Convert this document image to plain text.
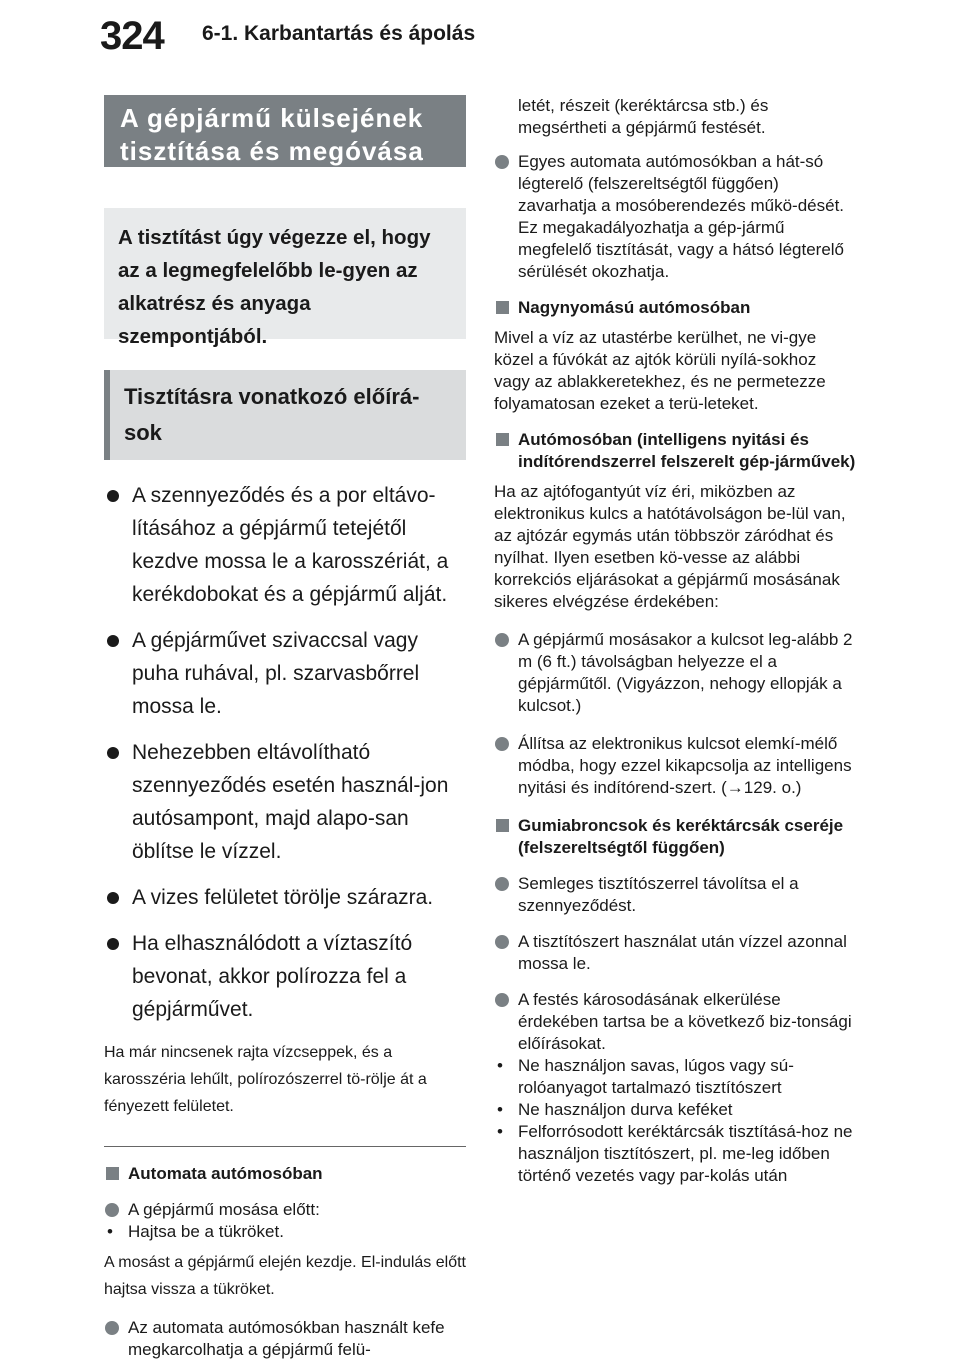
324 6-1. Karbantartás és ápolás
A gépjármű külsejének tisztítása és megóvása
A tisztítást úgy végezze el, hogy az a legmegfelelőbb le-gyen az alkatrész és anyaga szempontjából.
Tisztításra vonatkozó előírá-sok
A szennyeződés és a por eltávo-lításához a gépjármű tetejétől kezdve mossa le a karosszériát, a kerékdobokat és a gépjármű alját.
A gépjárművet szivaccsal vagy puha ruhával, pl. szarvasbőrrel mossa le.
Nehezebben eltávolítható szennyeződés esetén használ-jon autósampont, majd alapo-san öblítse le vízzel.
A vizes felületet törölje szárazra.
Ha elhasználódott a víztaszító bevonat, akkor polírozza fel a gépjárművet.
Ha már nincsenek rajta vízcseppek, és a karosszéria lehűlt, polírozószerrel tö-rölje át a fényezett felületet.
Automata autómosóban
A gépjármű mosása előtt:
• Hajtsa be a tükröket.
A mosást a gépjármű elején kezdje. El-indulás előtt hajtsa vissza a tükröket.
Az automata autómosókban használt kefe megkarcolhatja a gépjármű felü-
letét, részeit (keréktárcsa stb.) és megsértheti a gépjármű festését.
Egyes automata autómosókban a hát-só légterelő (felszereltségtől függően) zavarhatja a mosóberendezés műkö-dését. Ez megakadályozhatja a gép-jármű megfelelő tisztítását, vagy a hátsó légterelő sérülését okozhatja.
Nagynyomású autómosóban
Mivel a víz az utastérbe kerülhet, ne vi-gye közel a fúvókát az ajtók körüli nyílá-sokhoz vagy az ablakkeretekhez, és ne permetezze folyamatosan ezeket a terü-leteket.
Autómosóban (intelligens nyitási és indítórendszerrel felszerelt gép-járművek)
Ha az ajtófogantyút víz éri, miközben az elektronikus kulcs a hatótávolságon be-lül van, az ajtózár egymás után többször záródhat és nyílhat. Ilyen esetben kö-vesse az alábbi korrekciós eljárásokat a gépjármű mosásának sikeres elvégzése érdekében:
A gépjármű mosásakor a kulcsot leg-alább 2 m (6 ft.) távolságban helyezze el a gépjárműtől. (Vigyázzon, nehogy ellopják a kulcsot.)
Állítsa az elektronikus kulcsot elemkí-mélő módba, hogy ezzel kikapcsolja az intelligens nyitási és indítórend-szert. (→129. o.)
Gumiabroncsok és keréktárcsák cseréje (felszereltségtől függően)
Semleges tisztítószerrel távolítsa el a szennyeződést.
A tisztítószert használat után vízzel azonnal mossa le.
A festés károsodásának elkerülése érdekében tartsa be a következő biz-tonsági előírásokat.
• Ne használjon savas, lúgos vagy sú-rolóanyagot tartalmazó tisztítószert
• Ne használjon durva keféket
• Felforrósodott keréktárcsák tisztításá-hoz ne használjon tisztítószert, pl. me-leg időben történő vezetés vagy par-kolás után
